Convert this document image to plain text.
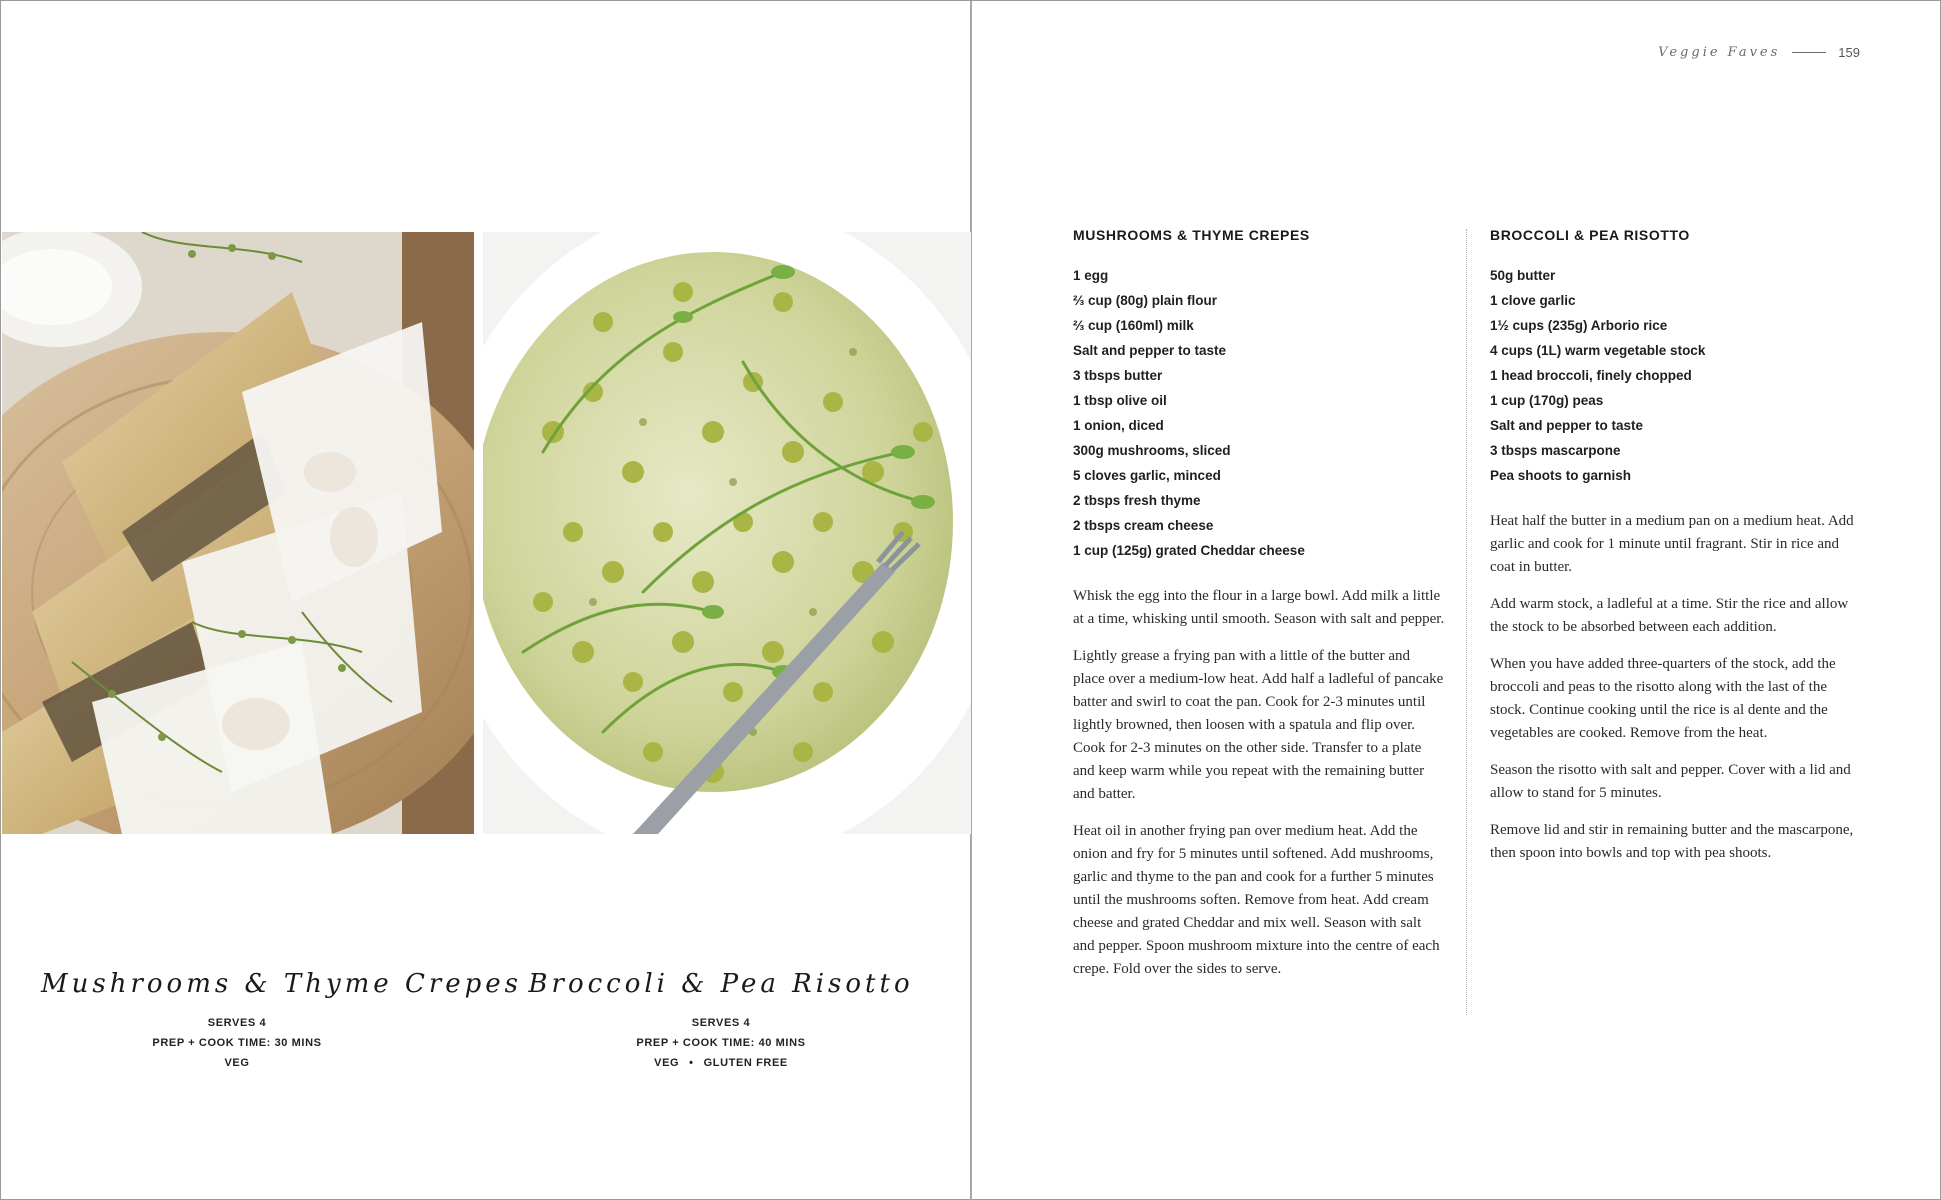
Veggie Faves	159
Mushrooms & Thyme Crepes
SERVES 4
PREP + COOK TIME: 30 MINS
VEG
Broccoli & Pea Risotto
SERVES 4
PREP + COOK TIME: 40 MINS
VEG • GLUTEN FREE
MUSHROOMS & THYME CREPES
1 egg
⅔ cup (80g) plain flour
⅔ cup (160ml) milk
Salt and pepper to taste
3 tbsps butter
1 tbsp olive oil
1 onion, diced
300g mushrooms, sliced
5 cloves garlic, minced
2 tbsps fresh thyme
2 tbsps cream cheese
1 cup (125g) grated Cheddar cheese

Whisk the egg into the flour in a large bowl. Add milk a little at a time, whisking until smooth. Season with salt and pepper.

Lightly grease a frying pan with a little of the butter and place over a medium-low heat. Add half a ladleful of pancake batter and swirl to coat the pan. Cook for 2-3 minutes until lightly browned, then loosen with a spatula and flip over. Cook for 2-3 minutes on the other side. Transfer to a plate and keep warm while you repeat with the remaining butter and batter.

Heat oil in another frying pan over medium heat. Add the onion and fry for 5 minutes until softened. Add mushrooms, garlic and thyme to the pan and cook for a further 5 minutes until the mushrooms soften. Remove from heat. Add cream cheese and grated Cheddar and mix well. Season with salt and pepper. Spoon mushroom mixture into the centre of each crepe. Fold over the sides to serve.

BROCCOLI & PEA RISOTTO
50g butter
1 clove garlic
1½ cups (235g) Arborio rice
4 cups (1L) warm vegetable stock
1 head broccoli, finely chopped
1 cup (170g) peas
Salt and pepper to taste
3 tbsps mascarpone
Pea shoots to garnish

Heat half the butter in a medium pan on a medium heat. Add garlic and cook for 1 minute until fragrant. Stir in rice and coat in butter.

Add warm stock, a ladleful at a time. Stir the rice and allow the stock to be absorbed between each addition.

When you have added three-quarters of the stock, add the broccoli and peas to the risotto along with the last of the stock. Continue cooking until the rice is al dente and the vegetables are cooked. Remove from the heat.

Season the risotto with salt and pepper. Cover with a lid and allow to stand for 5 minutes.

Remove lid and stir in remaining butter and the mascarpone, then spoon into bowls and top with pea shoots.
